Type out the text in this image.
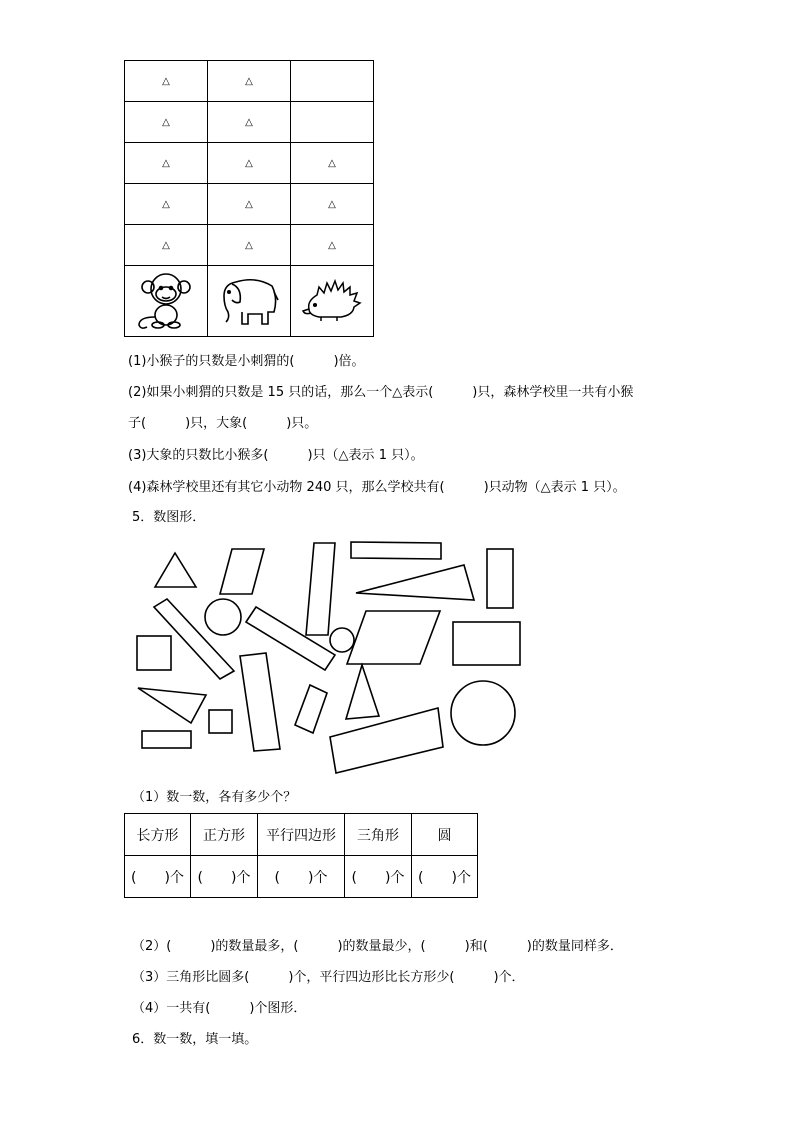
△	△	
△	△	
△	△	△
△	△	△
△	△	△

(1)小猴子的只数是小刺猬的(　　　)倍。
(2)如果小刺猬的只数是 15 只的话，那么一个△表示(　　　)只，森林学校里一共有小猴
子(　　　)只，大象(　　　)只。
(3)大象的只数比小猴多(　　　)只（△表示 1 只）。
(4)森林学校里还有其它小动物 240 只，那么学校共有(　　　)只动物（△表示 1 只）。
5．数图形．
（1）数一数，各有多少个？
长方形	正方形	平行四边形	三角形	圆
(　　)个	(　　)个	(　　)个	(　　)个	(　　)个
（2）(　　　)的数量最多，(　　　)的数量最少，(　　　)和(　　　)的数量同样多．
（3）三角形比圆多(　　　)个，平行四边形比长方形少(　　　)个．
（4）一共有(　　　)个图形．
6．数一数，填一填。
